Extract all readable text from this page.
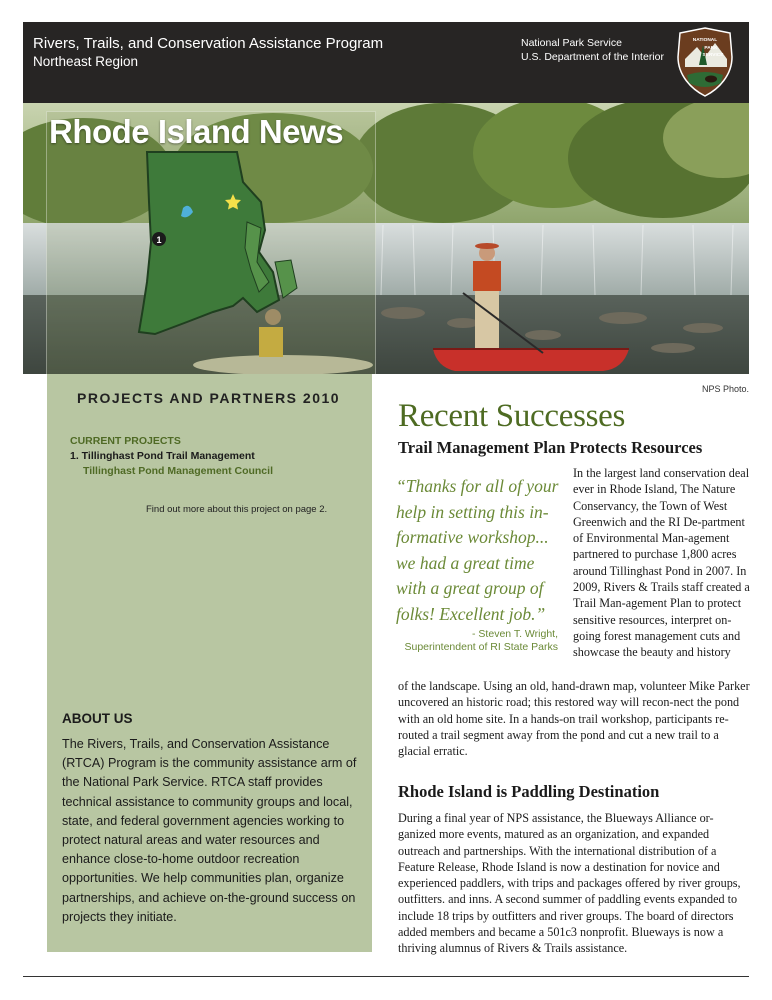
Rivers, Trails, and Conservation Assistance Program
Northeast Region
National Park Service
U.S. Department of the Interior
NATIONAL
PARK
SERVICE
1
Rhode Island News
NPS Photo.
PROJECTS AND PARTNERS 2010
CURRENT PROJECTS
1. Tillinghast Pond Trail Management
Tillinghast Pond Management Council
Find out more about this project on page 2.
ABOUT US
The Rivers, Trails, and Conservation Assistance (RTCA) Program is the community assistance arm of the National Park Service. RTCA staff provides technical assistance to community groups and local, state, and federal government agencies working to protect natural areas and water resources and enhance close-to-home outdoor recreation opportunities. We help communities plan, organize partnerships, and achieve on-the-ground success on projects they initiate.
Recent Successes
Trail Management Plan Protects Resources
“Thanks for all of your help in setting this in-formative workshop... we had a great time with a great group of folks! Excellent job.”
- Steven T. Wright,
Superintendent of RI State Parks
In the largest land conservation deal ever in Rhode Island, The Nature Conservancy, the Town of West Greenwich and the RI De-partment of Environmental Man-agement partnered to purchase 1,800 acres around Tillinghast Pond in 2007. In 2009, Rivers & Trails staff created a Trail Man-agement Plan to protect sensitive resources, interpret on-going forest management cuts and showcase the beauty and history
of the landscape. Using an old, hand-drawn map, volunteer Mike Parker uncovered an historic road; this restored way will recon-nect the pond with an old home site. In a hands-on trail workshop, participants re-routed a trail segment away from the pond and cut a new trail to a glacial erratic.
Rhode Island is Paddling Destination
During a final year of NPS assistance, the Blueways Alliance or-ganized more events, matured as an organization, and expanded outreach and partnerships. With the international distribution of a Feature Release, Rhode Island is now a destination for novice and experienced paddlers, with trips and packages offered by river groups, outfitters. and inns. A second summer of paddling events expanded to include 18 trips by outfitters and river groups. The board of directors added members and became a 501c3 nonprofit. Blueways is now a thriving alumnus of Rivers & Trails assistance.
